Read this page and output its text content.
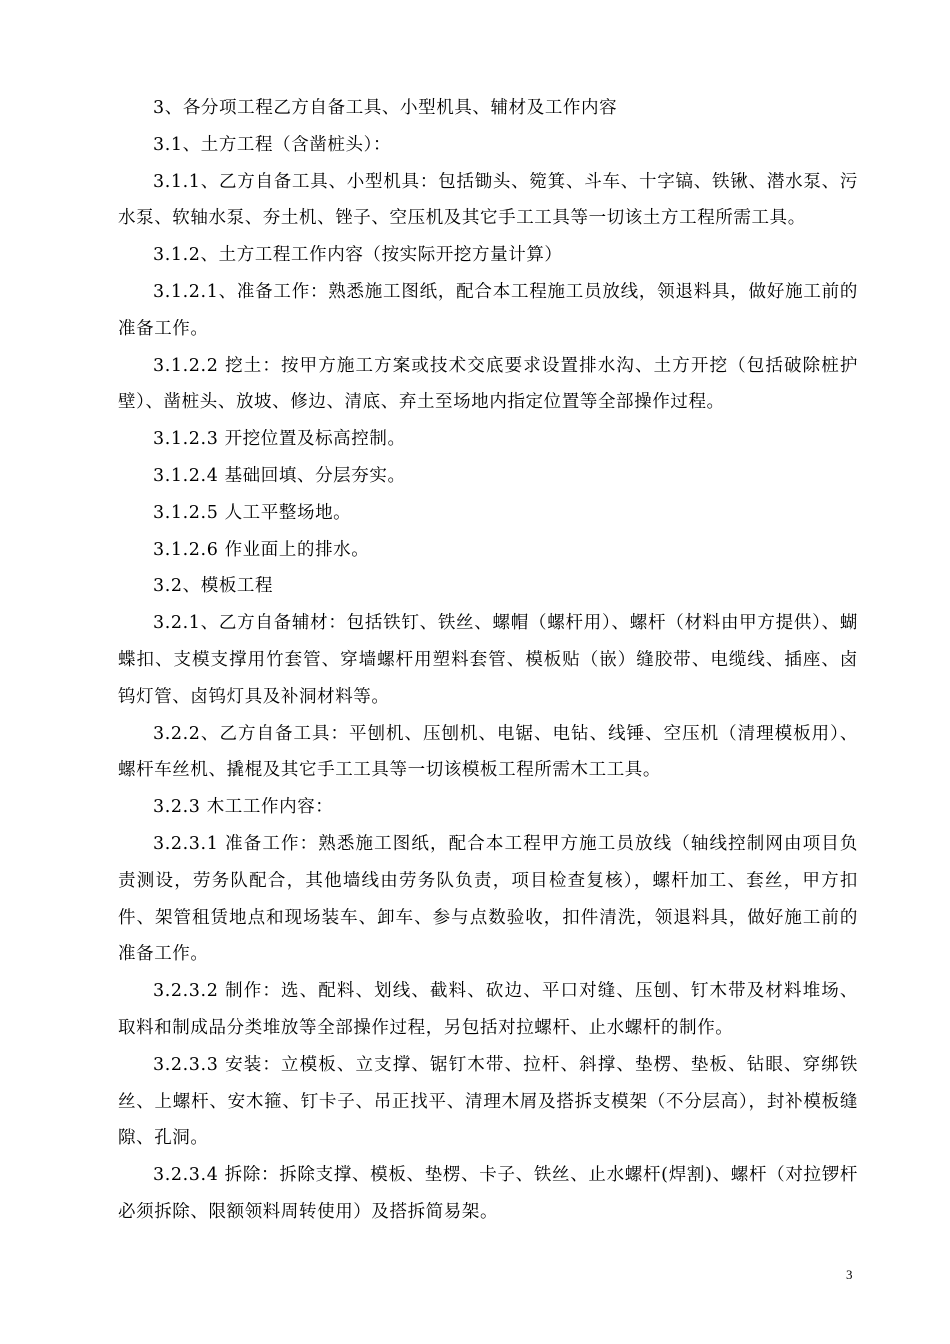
3、各分项工程乙方自备工具、小型机具、辅材及工作内容

3.1、土方工程（含凿桩头）：

3.1.1、乙方自备工具、小型机具：包括锄头、箢箕、斗车、十字镐、铁锹、潜水泵、污水泵、软轴水泵、夯土机、锉子、空压机及其它手工工具等一切该土方工程所需工具。

3.1.2、土方工程工作内容（按实际开挖方量计算）

3.1.2.1、准备工作：熟悉施工图纸，配合本工程施工员放线，领退料具，做好施工前的准备工作。

3.1.2.2 挖土：按甲方施工方案或技术交底要求设置排水沟、土方开挖（包括破除桩护壁）、凿桩头、放坡、修边、清底、弃土至场地内指定位置等全部操作过程。

3.1.2.3 开挖位置及标高控制。

3.1.2.4 基础回填、分层夯实。

3.1.2.5 人工平整场地。

3.1.2.6 作业面上的排水。

3.2、模板工程

3.2.1、乙方自备辅材：包括铁钉、铁丝、螺帽（螺杆用）、螺杆（材料由甲方提供）、蝴蝶扣、支模支撑用竹套管、穿墙螺杆用塑料套管、模板贴（嵌）缝胶带、电缆线、插座、卤钨灯管、卤钨灯具及补洞材料等。

3.2.2、乙方自备工具：平刨机、压刨机、电锯、电钻、线锤、空压机（清理模板用）、螺杆车丝机、撬棍及其它手工工具等一切该模板工程所需木工工具。

3.2.3 木工工作内容：

3.2.3.1 准备工作：熟悉施工图纸，配合本工程甲方施工员放线（轴线控制网由项目负责测设，劳务队配合，其他墙线由劳务队负责，项目检查复核），螺杆加工、套丝，甲方扣件、架管租赁地点和现场装车、卸车、参与点数验收，扣件清洗，领退料具，做好施工前的准备工作。

3.2.3.2 制作：选、配料、划线、截料、砍边、平口对缝、压刨、钉木带及材料堆场、取料和制成品分类堆放等全部操作过程，另包括对拉螺杆、止水螺杆的制作。

3.2.3.3 安装：立模板、立支撑、锯钉木带、拉杆、斜撑、垫楞、垫板、钻眼、穿绑铁丝、上螺杆、安木箍、钉卡子、吊正找平、清理木屑及搭拆支模架（不分层高），封补模板缝隙、孔洞。

3.2.3.4 拆除：拆除支撑、模板、垫楞、卡子、铁丝、止水螺杆(焊割)、螺杆（对拉锣杆必须拆除、限额领料周转使用）及搭拆简易架。

3
